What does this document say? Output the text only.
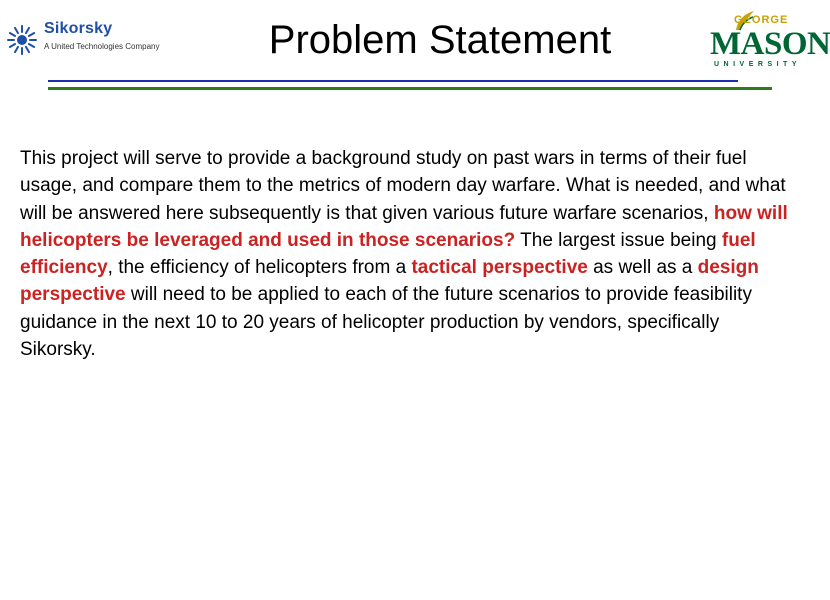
Sikorsky
A United Technologies Company	Problem Statement	GEORGE
MASON
UNIVERSITY

This project will serve to provide a background study on past wars in terms of their fuel usage, and compare them to the metrics of modern day warfare. What is needed, and what will be answered here subsequently is that given various future warfare scenarios, how will helicopters be leveraged and used in those scenarios? The largest issue being fuel efficiency, the efficiency of helicopters from a tactical perspective as well as a design perspective will need to be applied to each of the future scenarios to provide feasibility guidance in the next 10 to 20 years of helicopter production by vendors, specifically Sikorsky.
